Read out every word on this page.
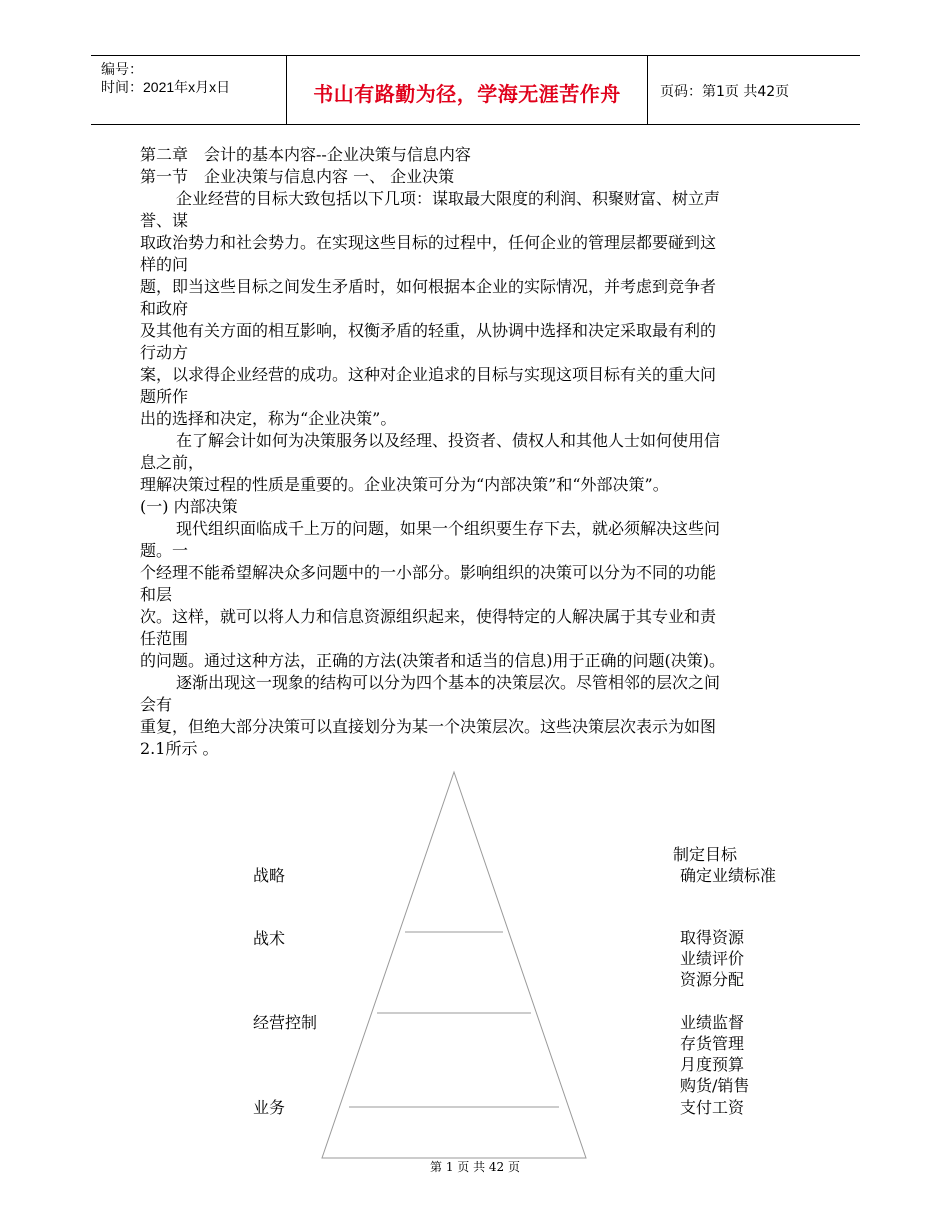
编号：
时间：2021年x月x日	书山有路勤为径，学海无涯苦作舟	页码：第1页 共42页

第二章　会计的基本内容--企业决策与信息内容

第一节　企业决策与信息内容 一、 企业决策

企业经营的目标大致包括以下几项：谋取最大限度的利润、积聚财富、树立声

誉、谋

取政治势力和社会势力。在实现这些目标的过程中，任何企业的管理层都要碰到这

样的问

题，即当这些目标之间发生矛盾时，如何根据本企业的实际情况，并考虑到竞争者

和政府

及其他有关方面的相互影响，权衡矛盾的轻重，从协调中选择和决定采取最有利的

行动方

案，以求得企业经营的成功。这种对企业追求的目标与实现这项目标有关的重大问

题所作

出的选择和决定，称为“企业决策”。

在了解会计如何为决策服务以及经理、投资者、债权人和其他人士如何使用信

息之前，

理解决策过程的性质是重要的。企业决策可分为“内部决策”和“外部决策”。

(一) 内部决策

现代组织面临成千上万的问题，如果一个组织要生存下去，就必须解决这些问

题。一

个经理不能希望解决众多问题中的一小部分。影响组织的决策可以分为不同的功能

和层

次。这样，就可以将人力和信息资源组织起来，使得特定的人解决属于其专业和责

任范围

的问题。通过这种方法，正确的方法(决策者和适当的信息)用于正确的问题(决策)。

逐渐出现这一现象的结构可以分为四个基本的决策层次。尽管相邻的层次之间

会有

重复，但绝大部分决策可以直接划分为某一个决策层次。这些决策层次表示为如图

2.1所示 。

战略
战术
经营控制
业务
制定目标
确定业绩标准
取得资源
业绩评价
资源分配
业绩监督
存货管理
月度预算
购货/销售
支付工资
第 1 页 共 42 页
